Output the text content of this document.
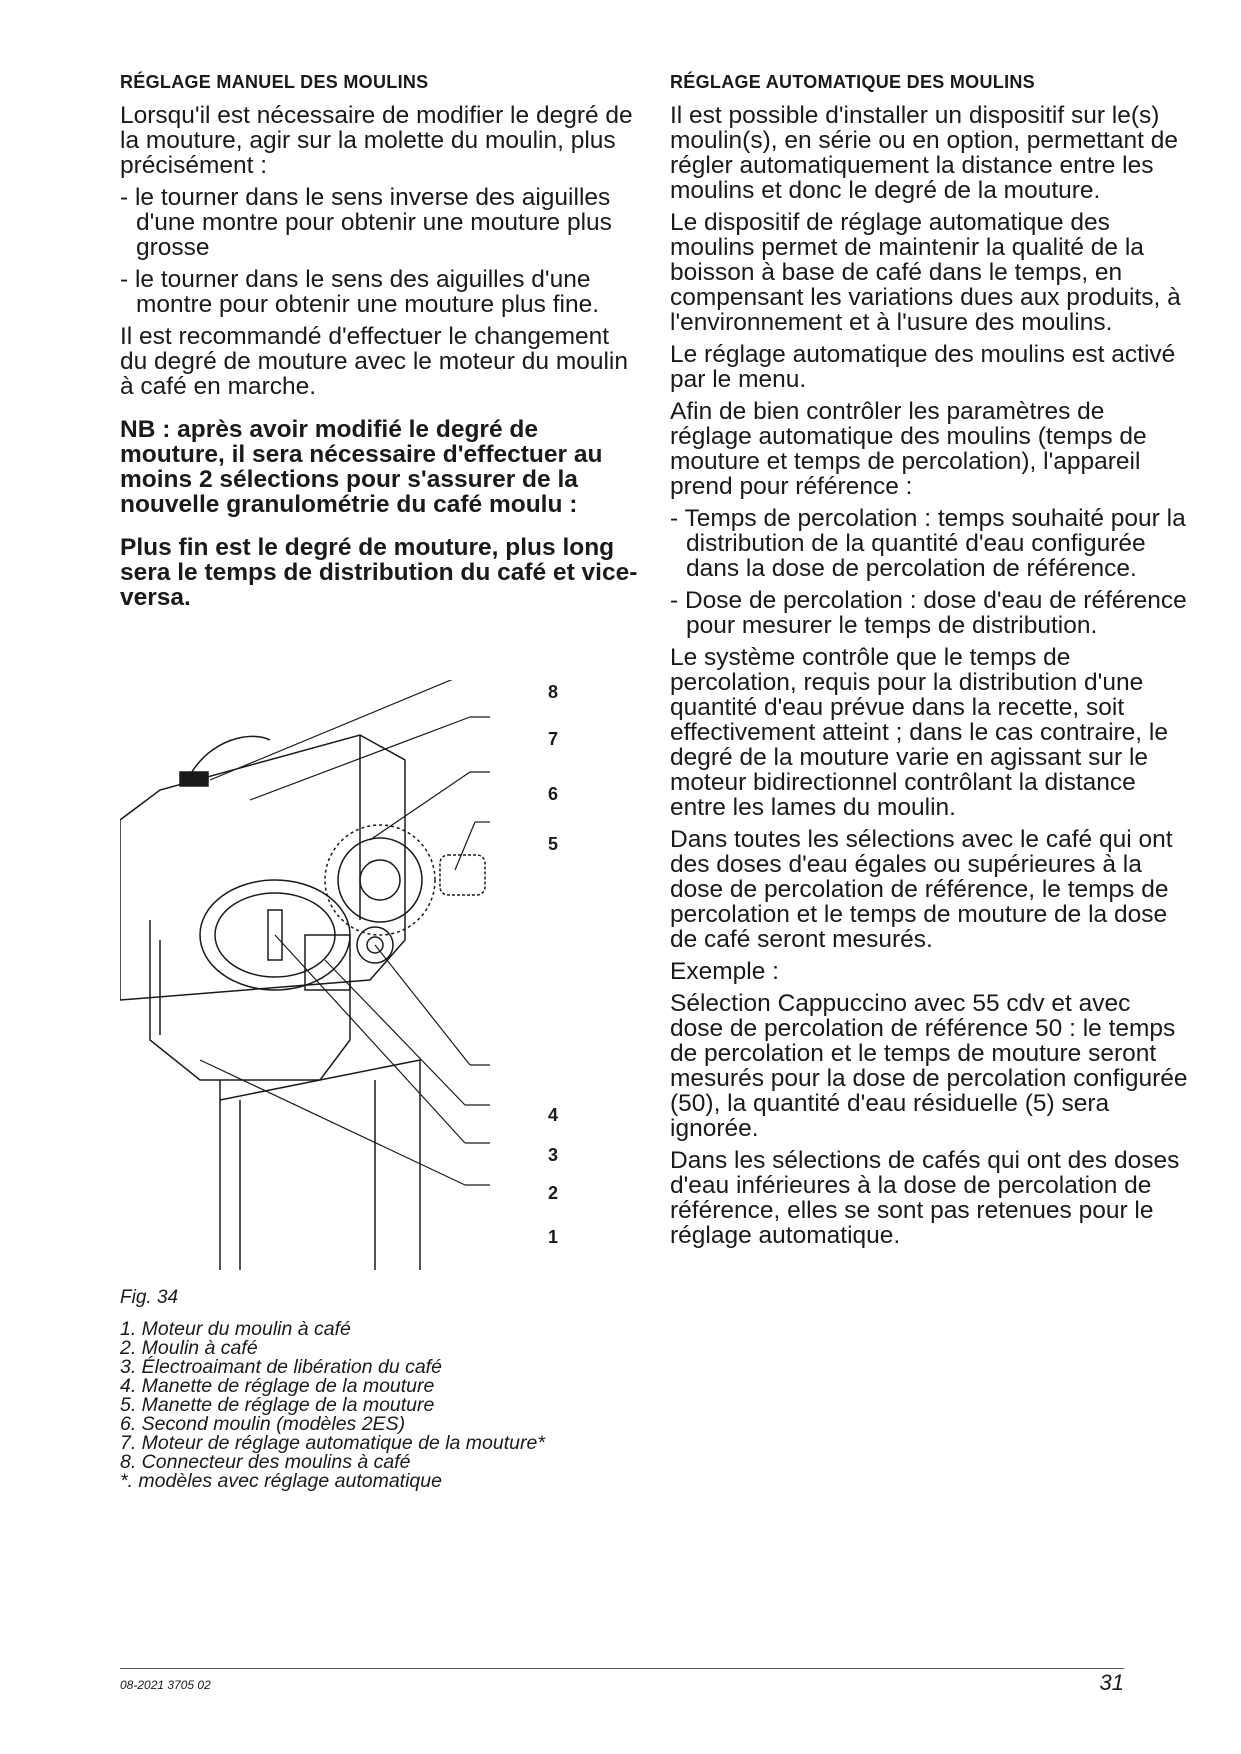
RÉGLAGE MANUEL DES MOULINS

Lorsqu'il est nécessaire de modifier le degré de la mouture, agir sur la molette du moulin, plus précisément :

- le tourner dans le sens inverse des aiguilles d'une montre pour obtenir une mouture plus grosse

- le tourner dans le sens des aiguilles d'une montre pour obtenir une mouture plus fine.

Il est recommandé d'effectuer le changement du degré de mouture avec le moteur du moulin à café en marche.

NB : après avoir modifié le degré de mouture, il sera nécessaire d'effectuer au moins 2 sélections pour s'assurer de la nouvelle granulométrie du café moulu :

Plus fin est le degré de mouture, plus long sera le temps de distribution du café et vice-versa.

8
7
6
5
4
3
2
1
Fig. 34
1. Moteur du moulin à café
2. Moulin à café
3. Électroaimant de libération du café
4. Manette de réglage de la mouture
5. Manette de réglage de la mouture
6. Second moulin (modèles 2ES)
7. Moteur de réglage automatique de la mouture*
8. Connecteur des moulins à café
*. modèles avec réglage automatique
RÉGLAGE AUTOMATIQUE DES MOULINS

Il est possible d'installer un dispositif sur le(s) moulin(s), en série ou en option, permettant de régler automatiquement la distance entre les moulins et donc le degré de la mouture.

Le dispositif de réglage automatique des moulins permet de maintenir la qualité de la boisson à base de café dans le temps, en compensant les variations dues aux produits, à l'environnement et à l'usure des moulins.

Le réglage automatique des moulins est activé par le menu.

Afin de bien contrôler les paramètres de réglage automatique des moulins (temps de mouture et temps de percolation), l'appareil prend pour référence :

- Temps de percolation : temps souhaité pour la distribution de la quantité d'eau configurée dans la dose de percolation de référence.

- Dose de percolation : dose d'eau de référence pour mesurer le temps de distribution.

Le système contrôle que le temps de percolation, requis pour la distribution d'une quantité d'eau prévue dans la recette, soit effectivement atteint ; dans le cas contraire, le degré de la mouture varie en agissant sur le moteur bidirectionnel contrôlant la distance entre les lames du moulin.

Dans toutes les sélections avec le café qui ont des doses d'eau égales ou supérieures à la dose de percolation de référence, le temps de percolation et le temps de mouture de la dose de café seront mesurés.

Exemple :

Sélection Cappuccino avec 55 cdv et avec dose de percolation de référence 50 : le temps de percolation et le temps de mouture seront mesurés pour la dose de percolation configurée (50), la quantité d'eau résiduelle (5) sera ignorée.

Dans les sélections de cafés qui ont des doses d'eau inférieures à la dose de percolation de référence, elles se sont pas retenues pour le réglage automatique.

08-2021 3705 02	31
